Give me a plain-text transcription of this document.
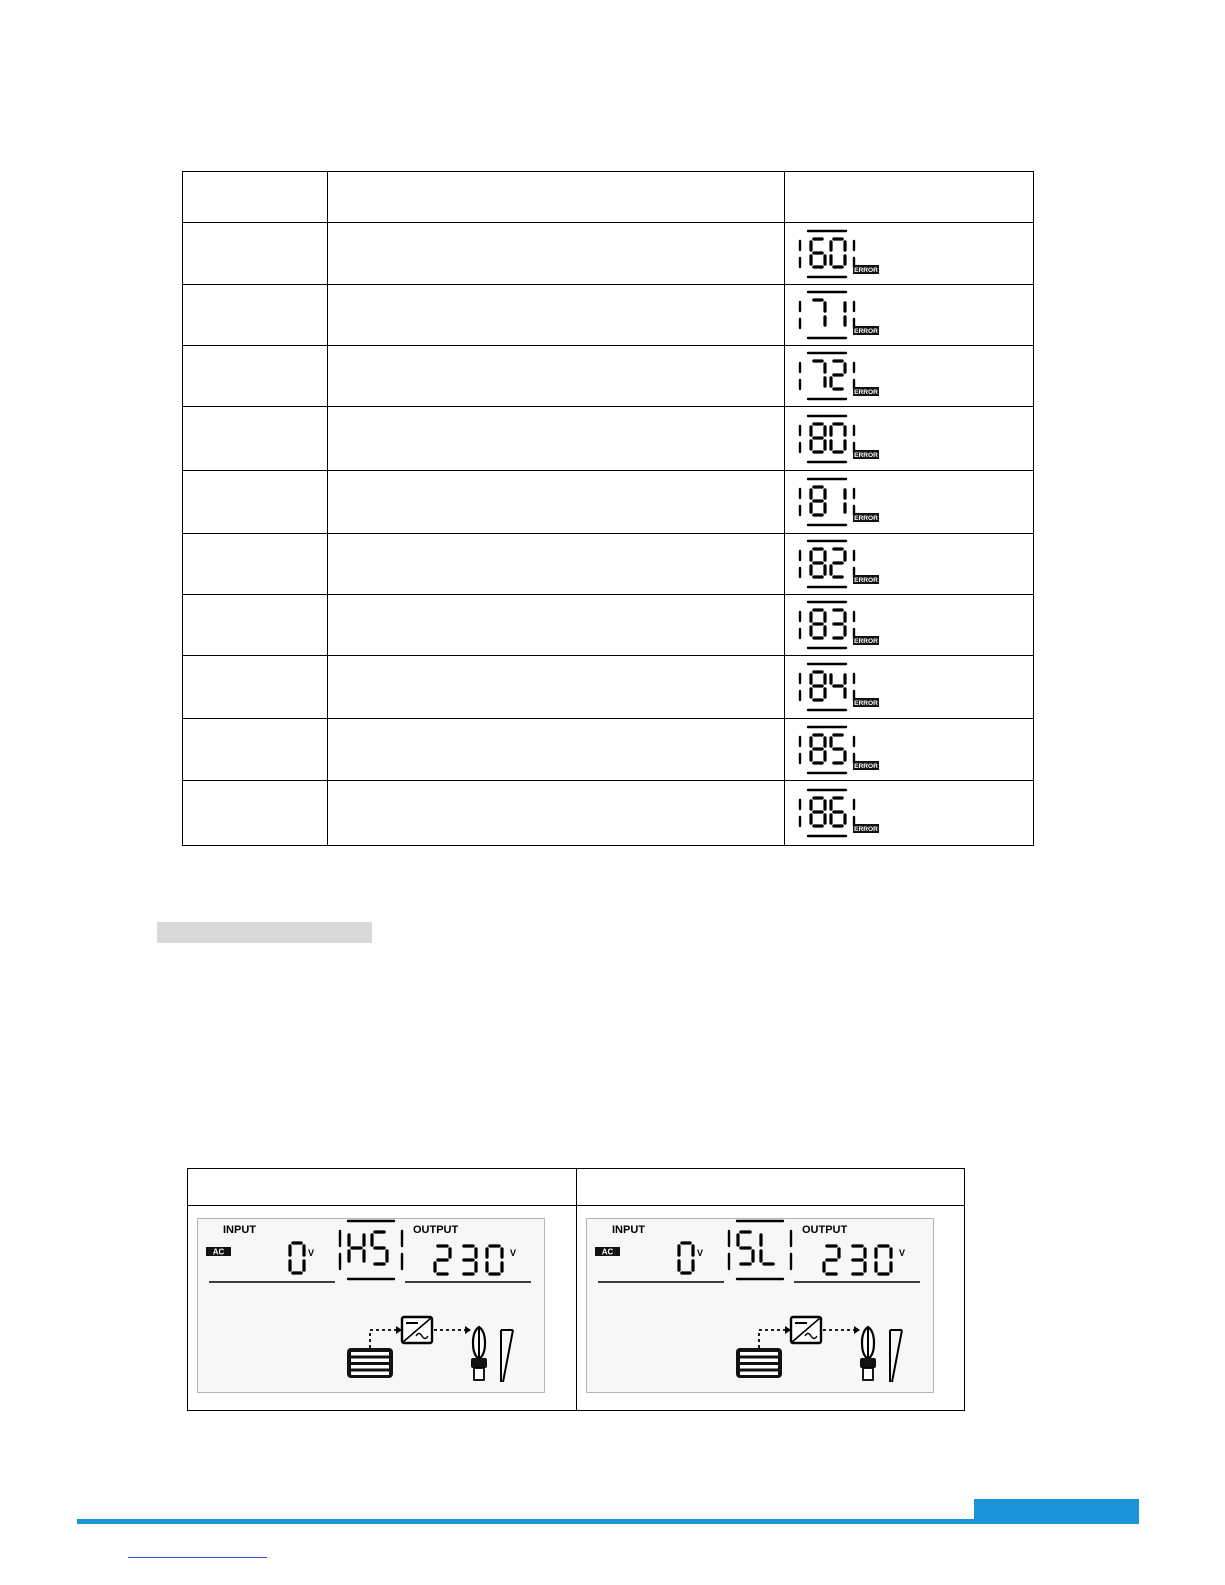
ERROR

ERROR

ERROR

ERROR

ERROR

ERROR

ERROR

ERROR

ERROR

ERROR

INPUT
AC V
OUTPUT
V	INPUT
AC V
OUTPUT
V
